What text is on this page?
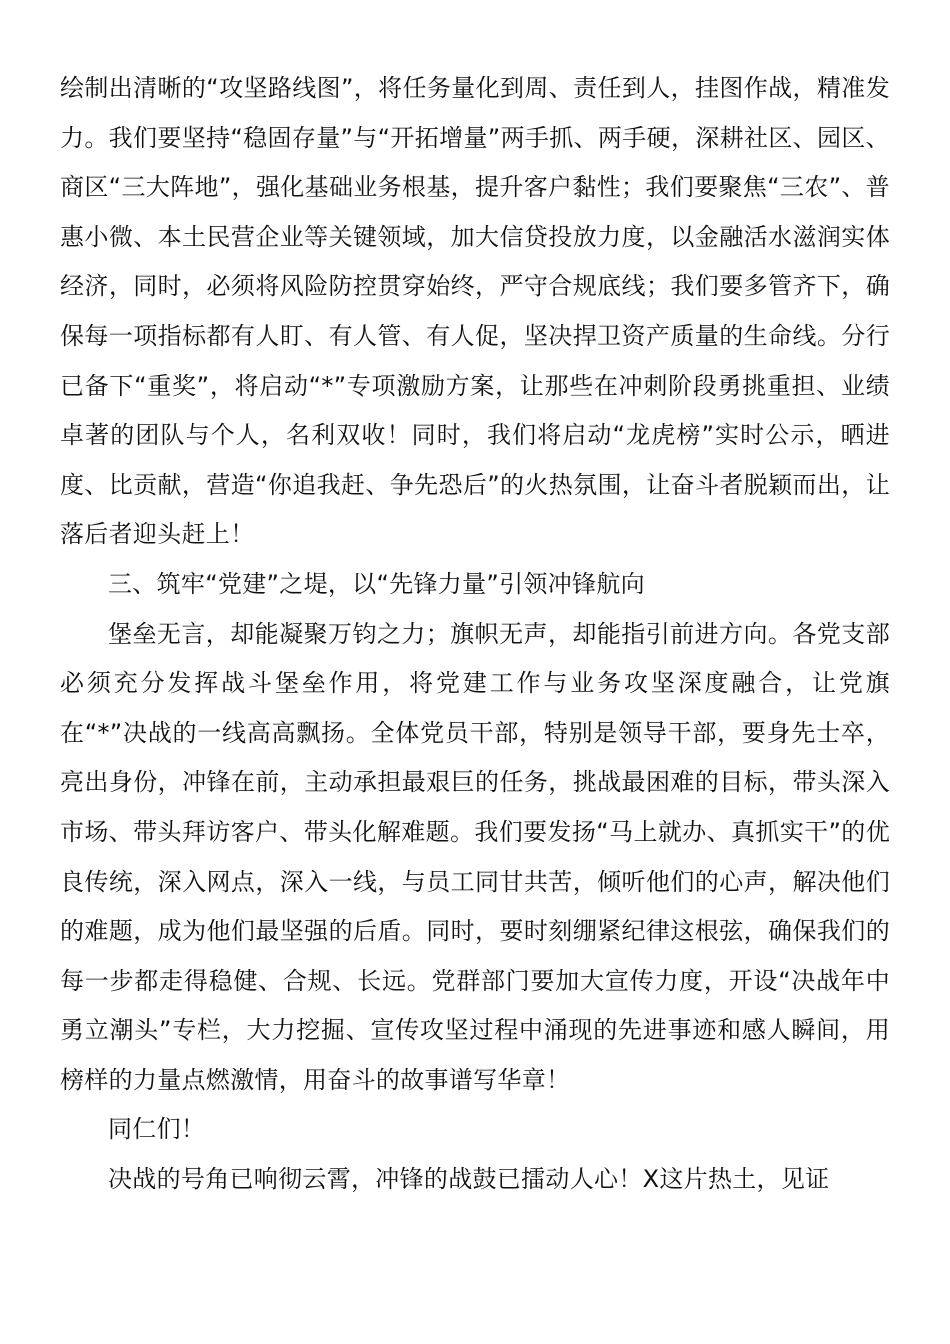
绘制出清晰的“攻坚路线图”，将任务量化到周、责任到人，挂图作战，精准发力。我们要坚持“稳固存量”与“开拓增量”两手抓、两手硬，深耕社区、园区、商区“三大阵地”，强化基础业务根基，提升客户黏性；我们要聚焦“三农”、普惠小微、本土民营企业等关键领域，加大信贷投放力度，以金融活水滋润实体经济，同时，必须将风险防控贯穿始终，严守合规底线；我们要多管齐下，确保每一项指标都有人盯、有人管、有人促，坚决捍卫资产质量的生命线。分行已备下“重奖”，将启动“*”专项激励方案，让那些在冲刺阶段勇挑重担、业绩卓著的团队与个人，名利双收！同时，我们将启动“龙虎榜”实时公示，晒进度、比贡献，营造“你追我赶、争先恐后”的火热氛围，让奋斗者脱颖而出，让落后者迎头赶上！

三、筑牢“党建”之堤，以“先锋力量”引领冲锋航向

堡垒无言，却能凝聚万钧之力；旗帜无声，却能指引前进方向。各党支部必须充分发挥战斗堡垒作用，将党建工作与业务攻坚深度融合，让党旗在“*”决战的一线高高飘扬。全体党员干部，特别是领导干部，要身先士卒，亮出身份，冲锋在前，主动承担最艰巨的任务，挑战最困难的目标，带头深入市场、带头拜访客户、带头化解难题。我们要发扬“马上就办、真抓实干”的优良传统，深入网点，深入一线，与员工同甘共苦，倾听他们的心声，解决他们的难题，成为他们最坚强的后盾。同时，要时刻绷紧纪律这根弦，确保我们的每一步都走得稳健、合规、长远。党群部门要加大宣传力度，开设“决战年中勇立潮头”专栏，大力挖掘、宣传攻坚过程中涌现的先进事迹和感人瞬间，用榜样的力量点燃激情，用奋斗的故事谱写华章！

同仁们！

决战的号角已响彻云霄，冲锋的战鼓已擂动人心！X这片热土，见证
